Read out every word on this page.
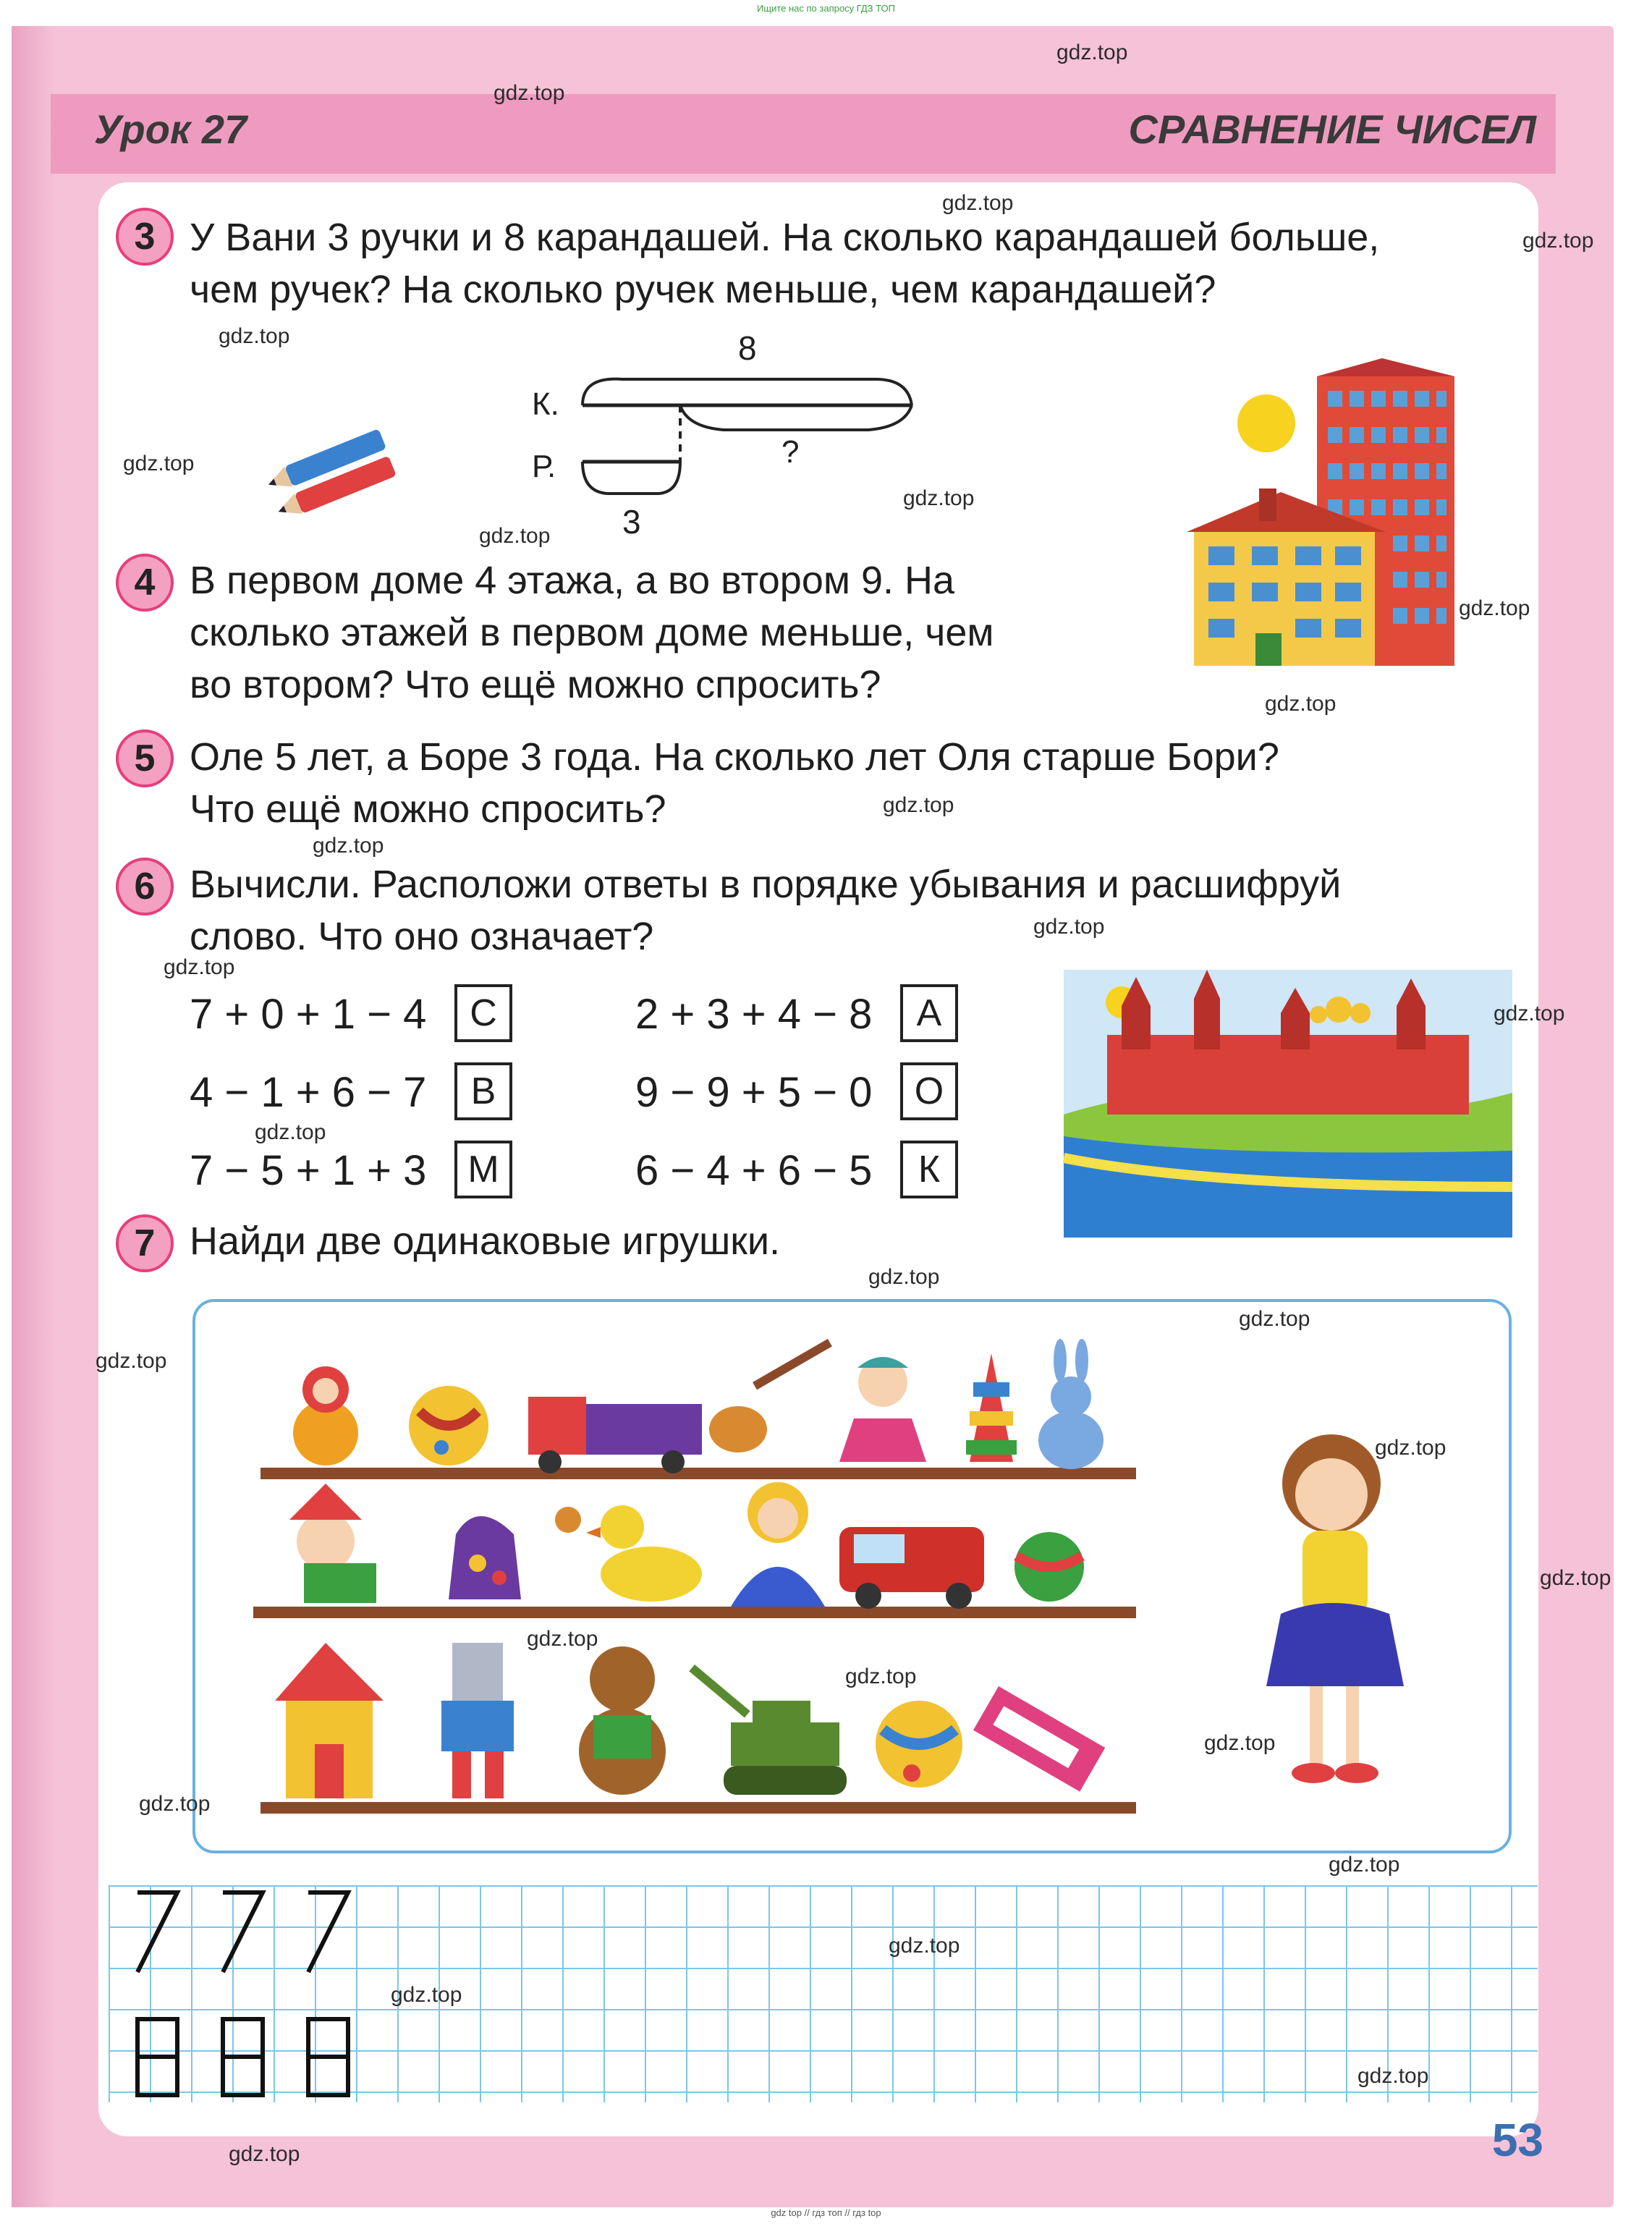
Ищите нас по запросу ГДЗ ТОП
Урок 27	СРАВНЕНИЕ ЧИСЕЛ
3 У Вани 3 ручки и 8 карандашей. На сколько карандашей больше,
чем ручек? На сколько ручек меньше, чем карандашей?
8
К.
Р.	?
3
4 В первом доме 4 этажа, а во втором 9. На
сколько этажей в первом доме меньше, чем
во втором? Что ещё можно спросить?
5 Оле 5 лет, а Боре 3 года. На сколько лет Оля старше Бори?
Что ещё можно спросить?
6 Вычисли. Расположи ответы в порядке убывания и расшифруй
слово. Что оно означает?
7 + 0 + 1 − 4	С	2 + 3 + 4 − 8	А
4 − 1 + 6 − 7	В	9 − 9 + 5 − 0	О
7 − 5 + 1 + 3	М	6 − 4 + 6 − 5	К
7 Найди две одинаковые игрушки.
53
gdz.top
gdz.top
gdz.top
gdz.top
gdz.top
gdz.top
gdz.top
gdz.top
gdz.top
gdz.top
gdz.top
gdz.top
gdz.top
gdz.top
gdz.top
gdz.top
gdz.top
gdz.top
gdz.top
gdz.top
gdz.top
gdz.top
gdz.top
gdz.top
gdz.top
gdz.top
gdz.top
gdz.top
gdz.top
gdz.top
gdz top // гдз топ // гдз top
